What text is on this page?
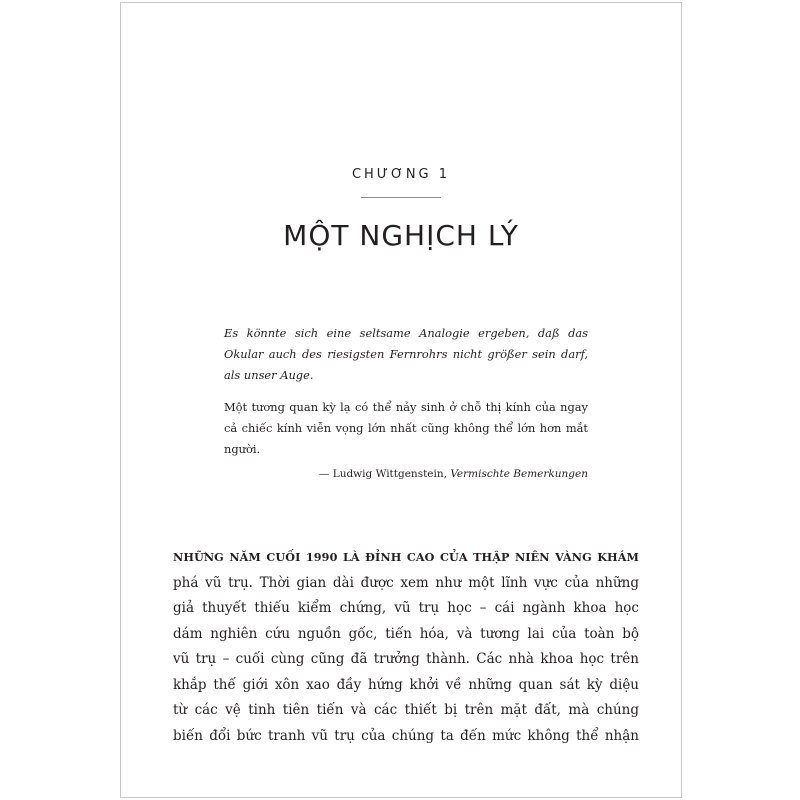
CHƯƠNG 1
MỘT NGHỊCH LÝ

Es könnte sich eine seltsame Analogie ergeben, daß das Okular auch des riesigsten Fernrohrs nicht größer sein darf, als unser Auge.

Một tương quan kỳ lạ có thể nảy sinh ở chỗ thị kính của ngay cả chiếc kính viễn vọng lớn nhất cũng không thể lớn hơn mắt người.

— Ludwig Wittgenstein, Vermischte Bemerkungen

NHỮNG NĂM CUỐI 1990 LÀ ĐỈNH CAO CỦA THẬP NIÊN VÀNG KHÁM
phá vũ trụ. Thời gian dài được xem như một lĩnh vực của những
giả thuyết thiếu kiểm chứng, vũ trụ học – cái ngành khoa học
dám nghiên cứu nguồn gốc, tiến hóa, và tương lai của toàn bộ
vũ trụ – cuối cùng cũng đã trưởng thành. Các nhà khoa học trên
khắp thế giới xôn xao đầy hứng khởi về những quan sát kỳ diệu
từ các vệ tinh tiên tiến và các thiết bị trên mặt đất, mà chúng
biến đổi bức tranh vũ trụ của chúng ta đến mức không thể nhận
